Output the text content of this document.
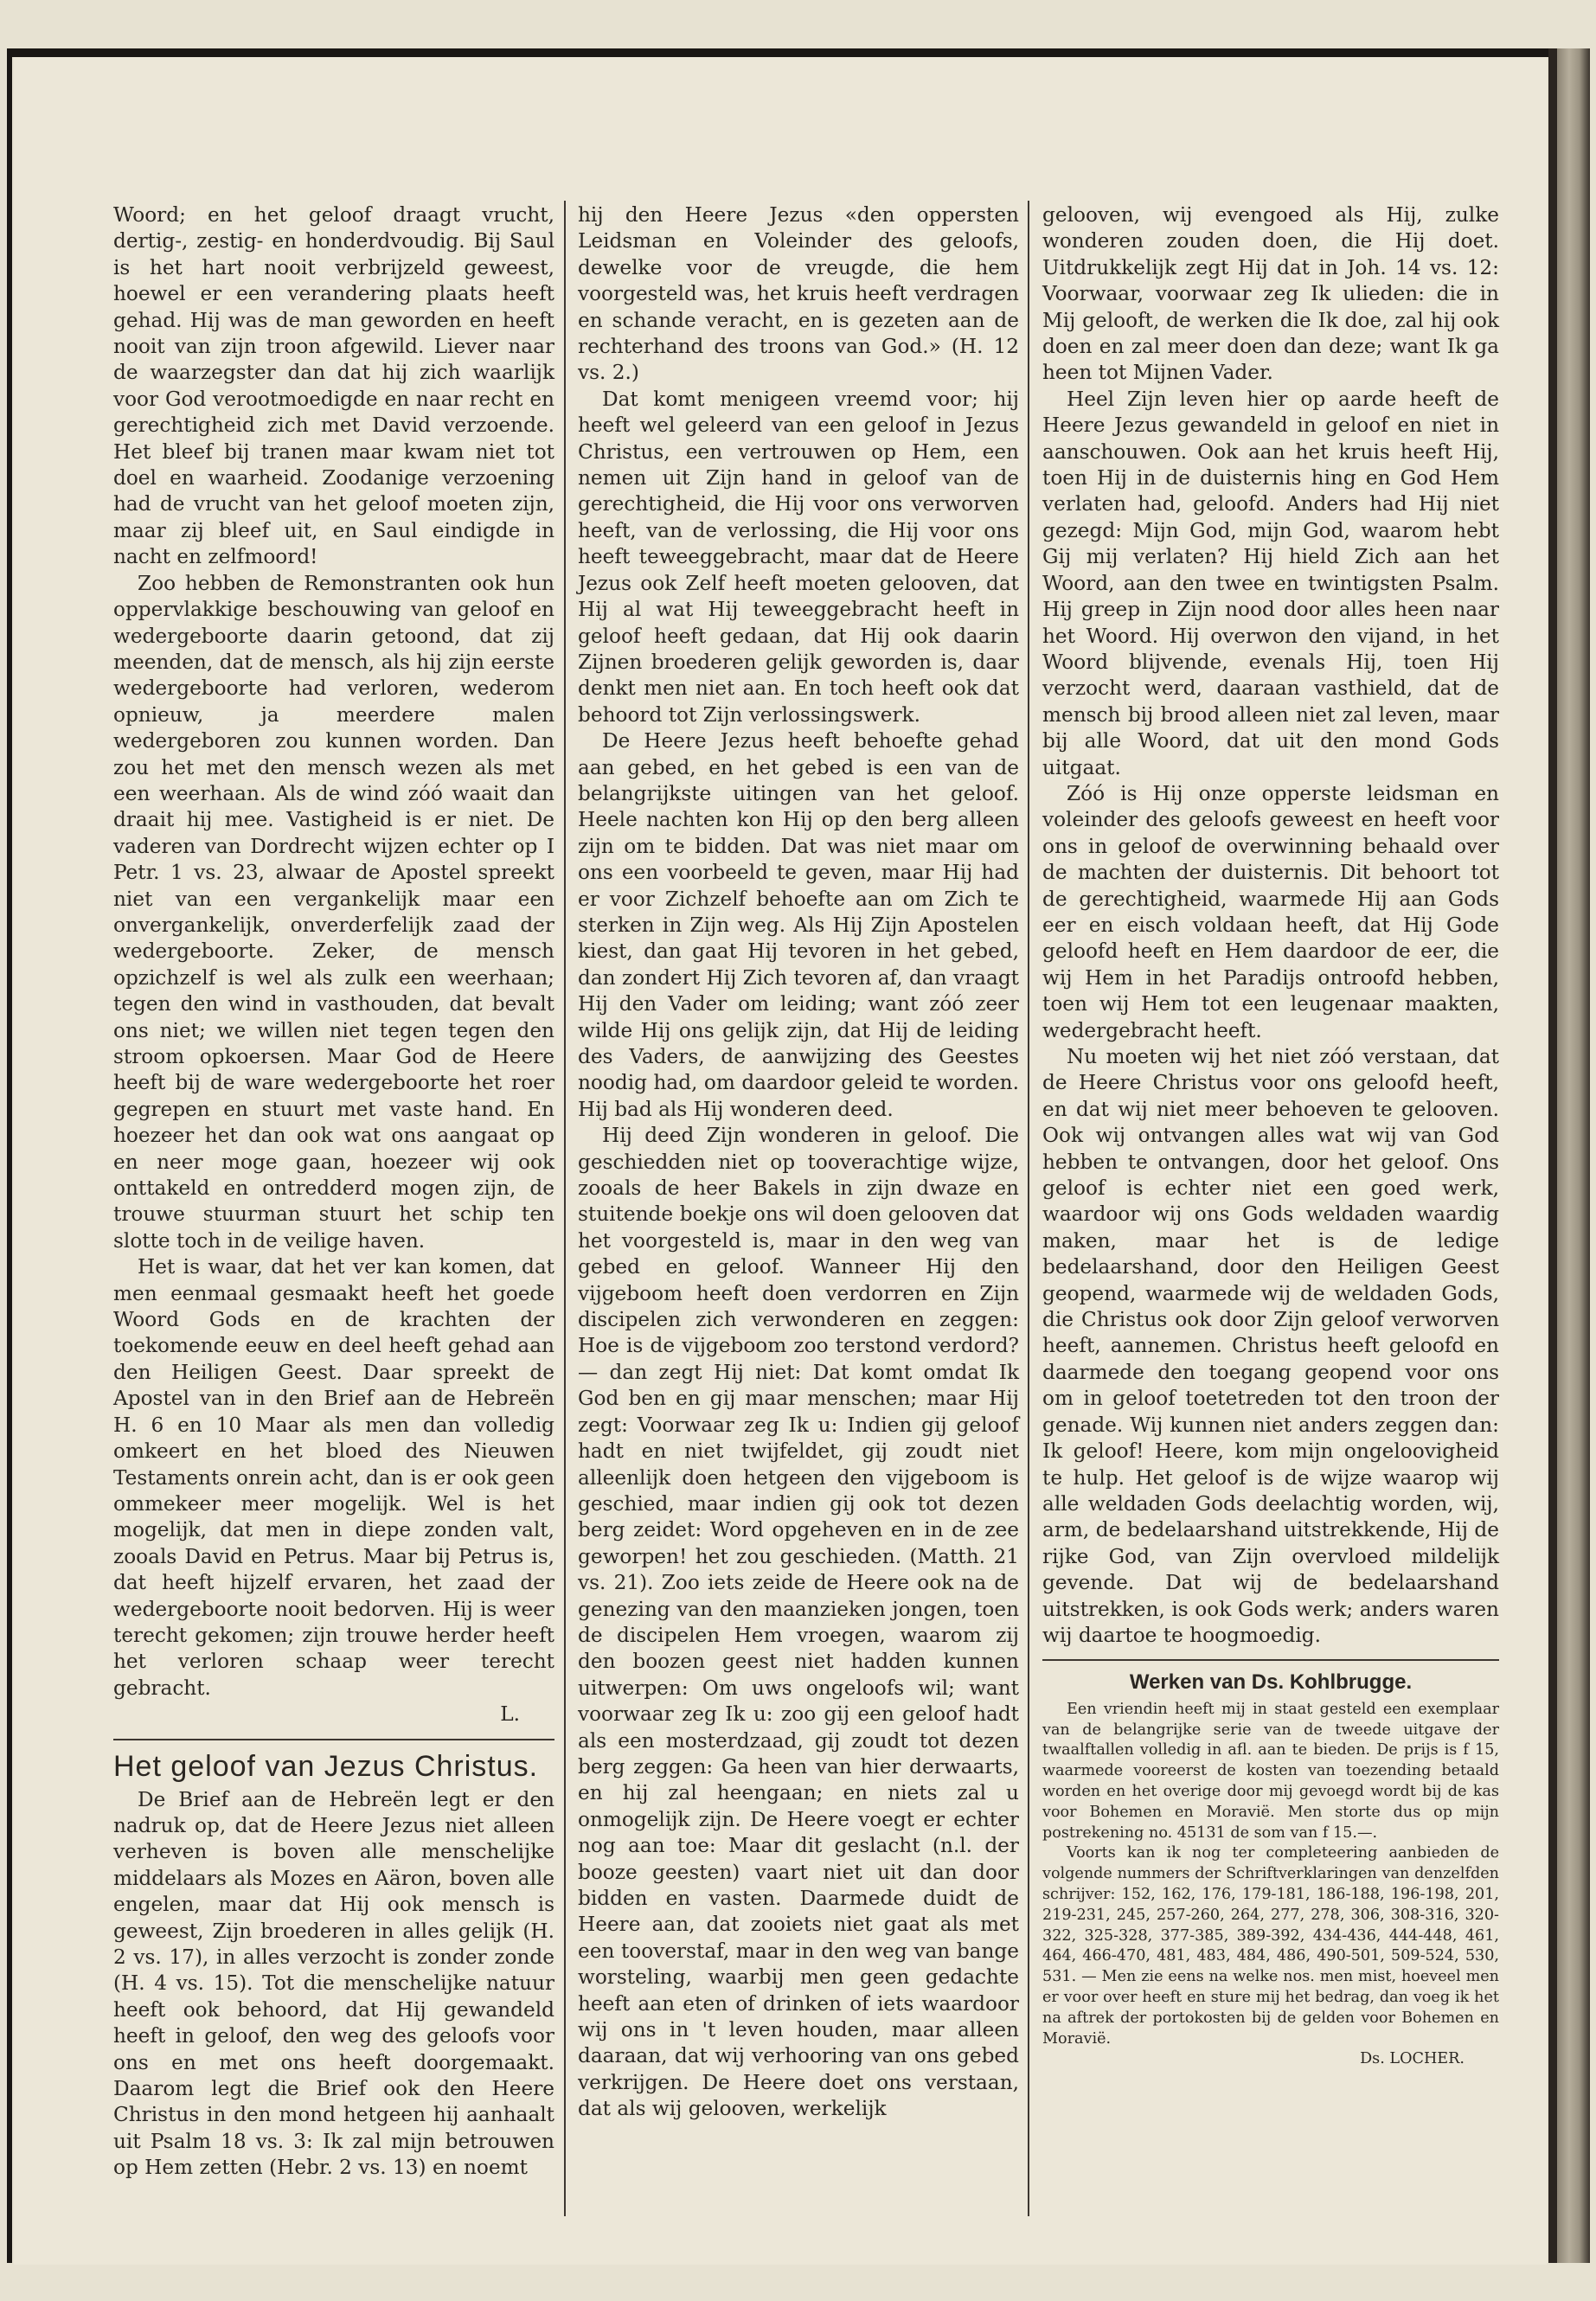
Woord; en het geloof draagt vrucht, dertig-, zestig- en honderdvoudig. Bij Saul is het hart nooit verbrijzeld geweest, hoewel er een verandering plaats heeft gehad. Hij was de man geworden en heeft nooit van zijn troon afgewild. Liever naar de waarzegster dan dat hij zich waarlijk voor God verootmoedigde en naar recht en gerechtigheid zich met David verzoende. Het bleef bij tranen maar kwam niet tot doel en waarheid. Zoodanige verzoening had de vrucht van het geloof moeten zijn, maar zij bleef uit, en Saul eindigde in nacht en zelfmoord!

Zoo hebben de Remonstranten ook hun oppervlakkige beschouwing van geloof en wedergeboorte daarin getoond, dat zij meenden, dat de mensch, als hij zijn eerste wedergeboorte had verloren, wederom opnieuw, ja meerdere malen wedergeboren zou kunnen worden. Dan zou het met den mensch wezen als met een weerhaan. Als de wind zóó waait dan draait hij mee. Vastigheid is er niet. De vaderen van Dordrecht wijzen echter op I Petr. 1 vs. 23, alwaar de Apostel spreekt niet van een vergankelijk maar een onvergankelijk, onverderfelijk zaad der wedergeboorte. Zeker, de mensch opzichzelf is wel als zulk een weerhaan; tegen den wind in vasthouden, dat bevalt ons niet; we willen niet tegen tegen den stroom opkoersen. Maar God de Heere heeft bij de ware wedergeboorte het roer gegrepen en stuurt met vaste hand. En hoezeer het dan ook wat ons aangaat op en neer moge gaan, hoezeer wij ook onttakeld en ontredderd mogen zijn, de trouwe stuurman stuurt het schip ten slotte toch in de veilige haven.

Het is waar, dat het ver kan komen, dat men eenmaal gesmaakt heeft het goede Woord Gods en de krachten der toekomende eeuw en deel heeft gehad aan den Heiligen Geest. Daar spreekt de Apostel van in den Brief aan de Hebreën H. 6 en 10 Maar als men dan volledig omkeert en het bloed des Nieuwen Testaments onrein acht, dan is er ook geen ommekeer meer mogelijk. Wel is het mogelijk, dat men in diepe zonden valt, zooals David en Petrus. Maar bij Petrus is, dat heeft hijzelf ervaren, het zaad der wedergeboorte nooit bedorven. Hij is weer terecht gekomen; zijn trouwe herder heeft het verloren schaap weer terecht gebracht.

L.
Het geloof van Jezus Christus.

De Brief aan de Hebreën legt er den nadruk op, dat de Heere Jezus niet alleen verheven is boven alle menschelijke middelaars als Mozes en Aäron, boven alle engelen, maar dat Hij ook mensch is geweest, Zijn broederen in alles gelijk (H. 2 vs. 17), in alles verzocht is zonder zonde (H. 4 vs. 15). Tot die menschelijke natuur heeft ook behoord, dat Hij gewandeld heeft in geloof, den weg des geloofs voor ons en met ons heeft doorgemaakt. Daarom legt die Brief ook den Heere Christus in den mond hetgeen hij aanhaalt uit Psalm 18 vs. 3: Ik zal mijn betrouwen op Hem zetten (Hebr. 2 vs. 13) en noemt

hij den Heere Jezus «den oppersten Leidsman en Voleinder des geloofs, dewelke voor de vreugde, die hem voorgesteld was, het kruis heeft verdragen en schande veracht, en is gezeten aan de rechterhand des troons van God.» (H. 12 vs. 2.)

Dat komt menigeen vreemd voor; hij heeft wel geleerd van een geloof in Jezus Christus, een vertrouwen op Hem, een nemen uit Zijn hand in geloof van de gerechtigheid, die Hij voor ons verworven heeft, van de verlossing, die Hij voor ons heeft teweeggebracht, maar dat de Heere Jezus ook Zelf heeft moeten gelooven, dat Hij al wat Hij teweeggebracht heeft in geloof heeft gedaan, dat Hij ook daarin Zijnen broederen gelijk geworden is, daar denkt men niet aan. En toch heeft ook dat behoord tot Zijn verlossingswerk.

De Heere Jezus heeft behoefte gehad aan gebed, en het gebed is een van de belangrijkste uitingen van het geloof. Heele nachten kon Hij op den berg alleen zijn om te bidden. Dat was niet maar om ons een voorbeeld te geven, maar Hij had er voor Zichzelf behoefte aan om Zich te sterken in Zijn weg. Als Hij Zijn Apostelen kiest, dan gaat Hij tevoren in het gebed, dan zondert Hij Zich tevoren af, dan vraagt Hij den Vader om leiding; want zóó zeer wilde Hij ons gelijk zijn, dat Hij de leiding des Vaders, de aanwijzing des Geestes noodig had, om daardoor geleid te worden. Hij bad als Hij wonderen deed.

Hij deed Zijn wonderen in geloof. Die geschiedden niet op tooverachtige wijze, zooals de heer Bakels in zijn dwaze en stuitende boekje ons wil doen gelooven dat het voorgesteld is, maar in den weg van gebed en geloof. Wanneer Hij den vijgeboom heeft doen verdorren en Zijn discipelen zich verwonderen en zeggen: Hoe is de vijgeboom zoo terstond verdord? — dan zegt Hij niet: Dat komt omdat Ik God ben en gij maar menschen; maar Hij zegt: Voorwaar zeg Ik u: Indien gij geloof hadt en niet twijfeldet, gij zoudt niet alleenlijk doen hetgeen den vijgeboom is geschied, maar indien gij ook tot dezen berg zeidet: Word opgeheven en in de zee geworpen! het zou geschieden. (Matth. 21 vs. 21). Zoo iets zeide de Heere ook na de genezing van den maanzieken jongen, toen de discipelen Hem vroegen, waarom zij den boozen geest niet hadden kunnen uitwerpen: Om uws ongeloofs wil; want voorwaar zeg Ik u: zoo gij een geloof hadt als een mosterdzaad, gij zoudt tot dezen berg zeggen: Ga heen van hier derwaarts, en hij zal heengaan; en niets zal u onmogelijk zijn. De Heere voegt er echter nog aan toe: Maar dit geslacht (n.l. der booze geesten) vaart niet uit dan door bidden en vasten. Daarmede duidt de Heere aan, dat zooiets niet gaat als met een tooverstaf, maar in den weg van bange worsteling, waarbij men geen gedachte heeft aan eten of drinken of iets waardoor wij ons in 't leven houden, maar alleen daaraan, dat wij verhooring van ons gebed verkrijgen. De Heere doet ons verstaan, dat als wij gelooven, werkelijk

gelooven, wij evengoed als Hij, zulke wonderen zouden doen, die Hij doet. Uitdrukkelijk zegt Hij dat in Joh. 14 vs. 12: Voorwaar, voorwaar zeg Ik ulieden: die in Mij gelooft, de werken die Ik doe, zal hij ook doen en zal meer doen dan deze; want Ik ga heen tot Mijnen Vader.

Heel Zijn leven hier op aarde heeft de Heere Jezus gewandeld in geloof en niet in aanschouwen. Ook aan het kruis heeft Hij, toen Hij in de duisternis hing en God Hem verlaten had, geloofd. Anders had Hij niet gezegd: Mijn God, mijn God, waarom hebt Gij mij verlaten? Hij hield Zich aan het Woord, aan den twee en twintigsten Psalm. Hij greep in Zijn nood door alles heen naar het Woord. Hij overwon den vijand, in het Woord blijvende, evenals Hij, toen Hij verzocht werd, daaraan vasthield, dat de mensch bij brood alleen niet zal leven, maar bij alle Woord, dat uit den mond Gods uitgaat.

Zóó is Hij onze opperste leidsman en voleinder des geloofs geweest en heeft voor ons in geloof de overwinning behaald over de machten der duisternis. Dit behoort tot de gerechtigheid, waarmede Hij aan Gods eer en eisch voldaan heeft, dat Hij Gode geloofd heeft en Hem daardoor de eer, die wij Hem in het Paradijs ontroofd hebben, toen wij Hem tot een leugenaar maakten, wedergebracht heeft.

Nu moeten wij het niet zóó verstaan, dat de Heere Christus voor ons geloofd heeft, en dat wij niet meer behoeven te gelooven. Ook wij ontvangen alles wat wij van God hebben te ontvangen, door het geloof. Ons geloof is echter niet een goed werk, waardoor wij ons Gods weldaden waardig maken, maar het is de ledige bedelaarshand, door den Heiligen Geest geopend, waarmede wij de weldaden Gods, die Christus ook door Zijn geloof verworven heeft, aannemen. Christus heeft geloofd en daarmede den toegang geopend voor ons om in geloof toetetreden tot den troon der genade. Wij kunnen niet anders zeggen dan: Ik geloof! Heere, kom mijn ongeloovigheid te hulp. Het geloof is de wijze waarop wij alle weldaden Gods deelachtig worden, wij, arm, de bedelaarshand uitstrekkende, Hij de rijke God, van Zijn overvloed mildelijk gevende. Dat wij de bedelaarshand uitstrekken, is ook Gods werk; anders waren wij daartoe te hoogmoedig.

Werken van Ds. Kohlbrugge.

Een vriendin heeft mij in staat gesteld een exemplaar van de belangrijke serie van de tweede uitgave der twaalftallen volledig in afl. aan te bieden. De prijs is f 15, waarmede vooreerst de kosten van toezending betaald worden en het overige door mij gevoegd wordt bij de kas voor Bohemen en Moravië. Men storte dus op mijn postrekening no. 45131 de som van f 15.—.

Voorts kan ik nog ter completeering aanbieden de volgende nummers der Schriftverklaringen van denzelfden schrijver: 152, 162, 176, 179-181, 186-188, 196-198, 201, 219-231, 245, 257-260, 264, 277, 278, 306, 308-316, 320-322, 325-328, 377-385, 389-392, 434-436, 444-448, 461, 464, 466-470, 481, 483, 484, 486, 490-501, 509-524, 530, 531. — Men zie eens na welke nos. men mist, hoeveel men er voor over heeft en sture mij het bedrag, dan voeg ik het na aftrek der portokosten bij de gelden voor Bohemen en Moravië.

Ds. LOCHER.
